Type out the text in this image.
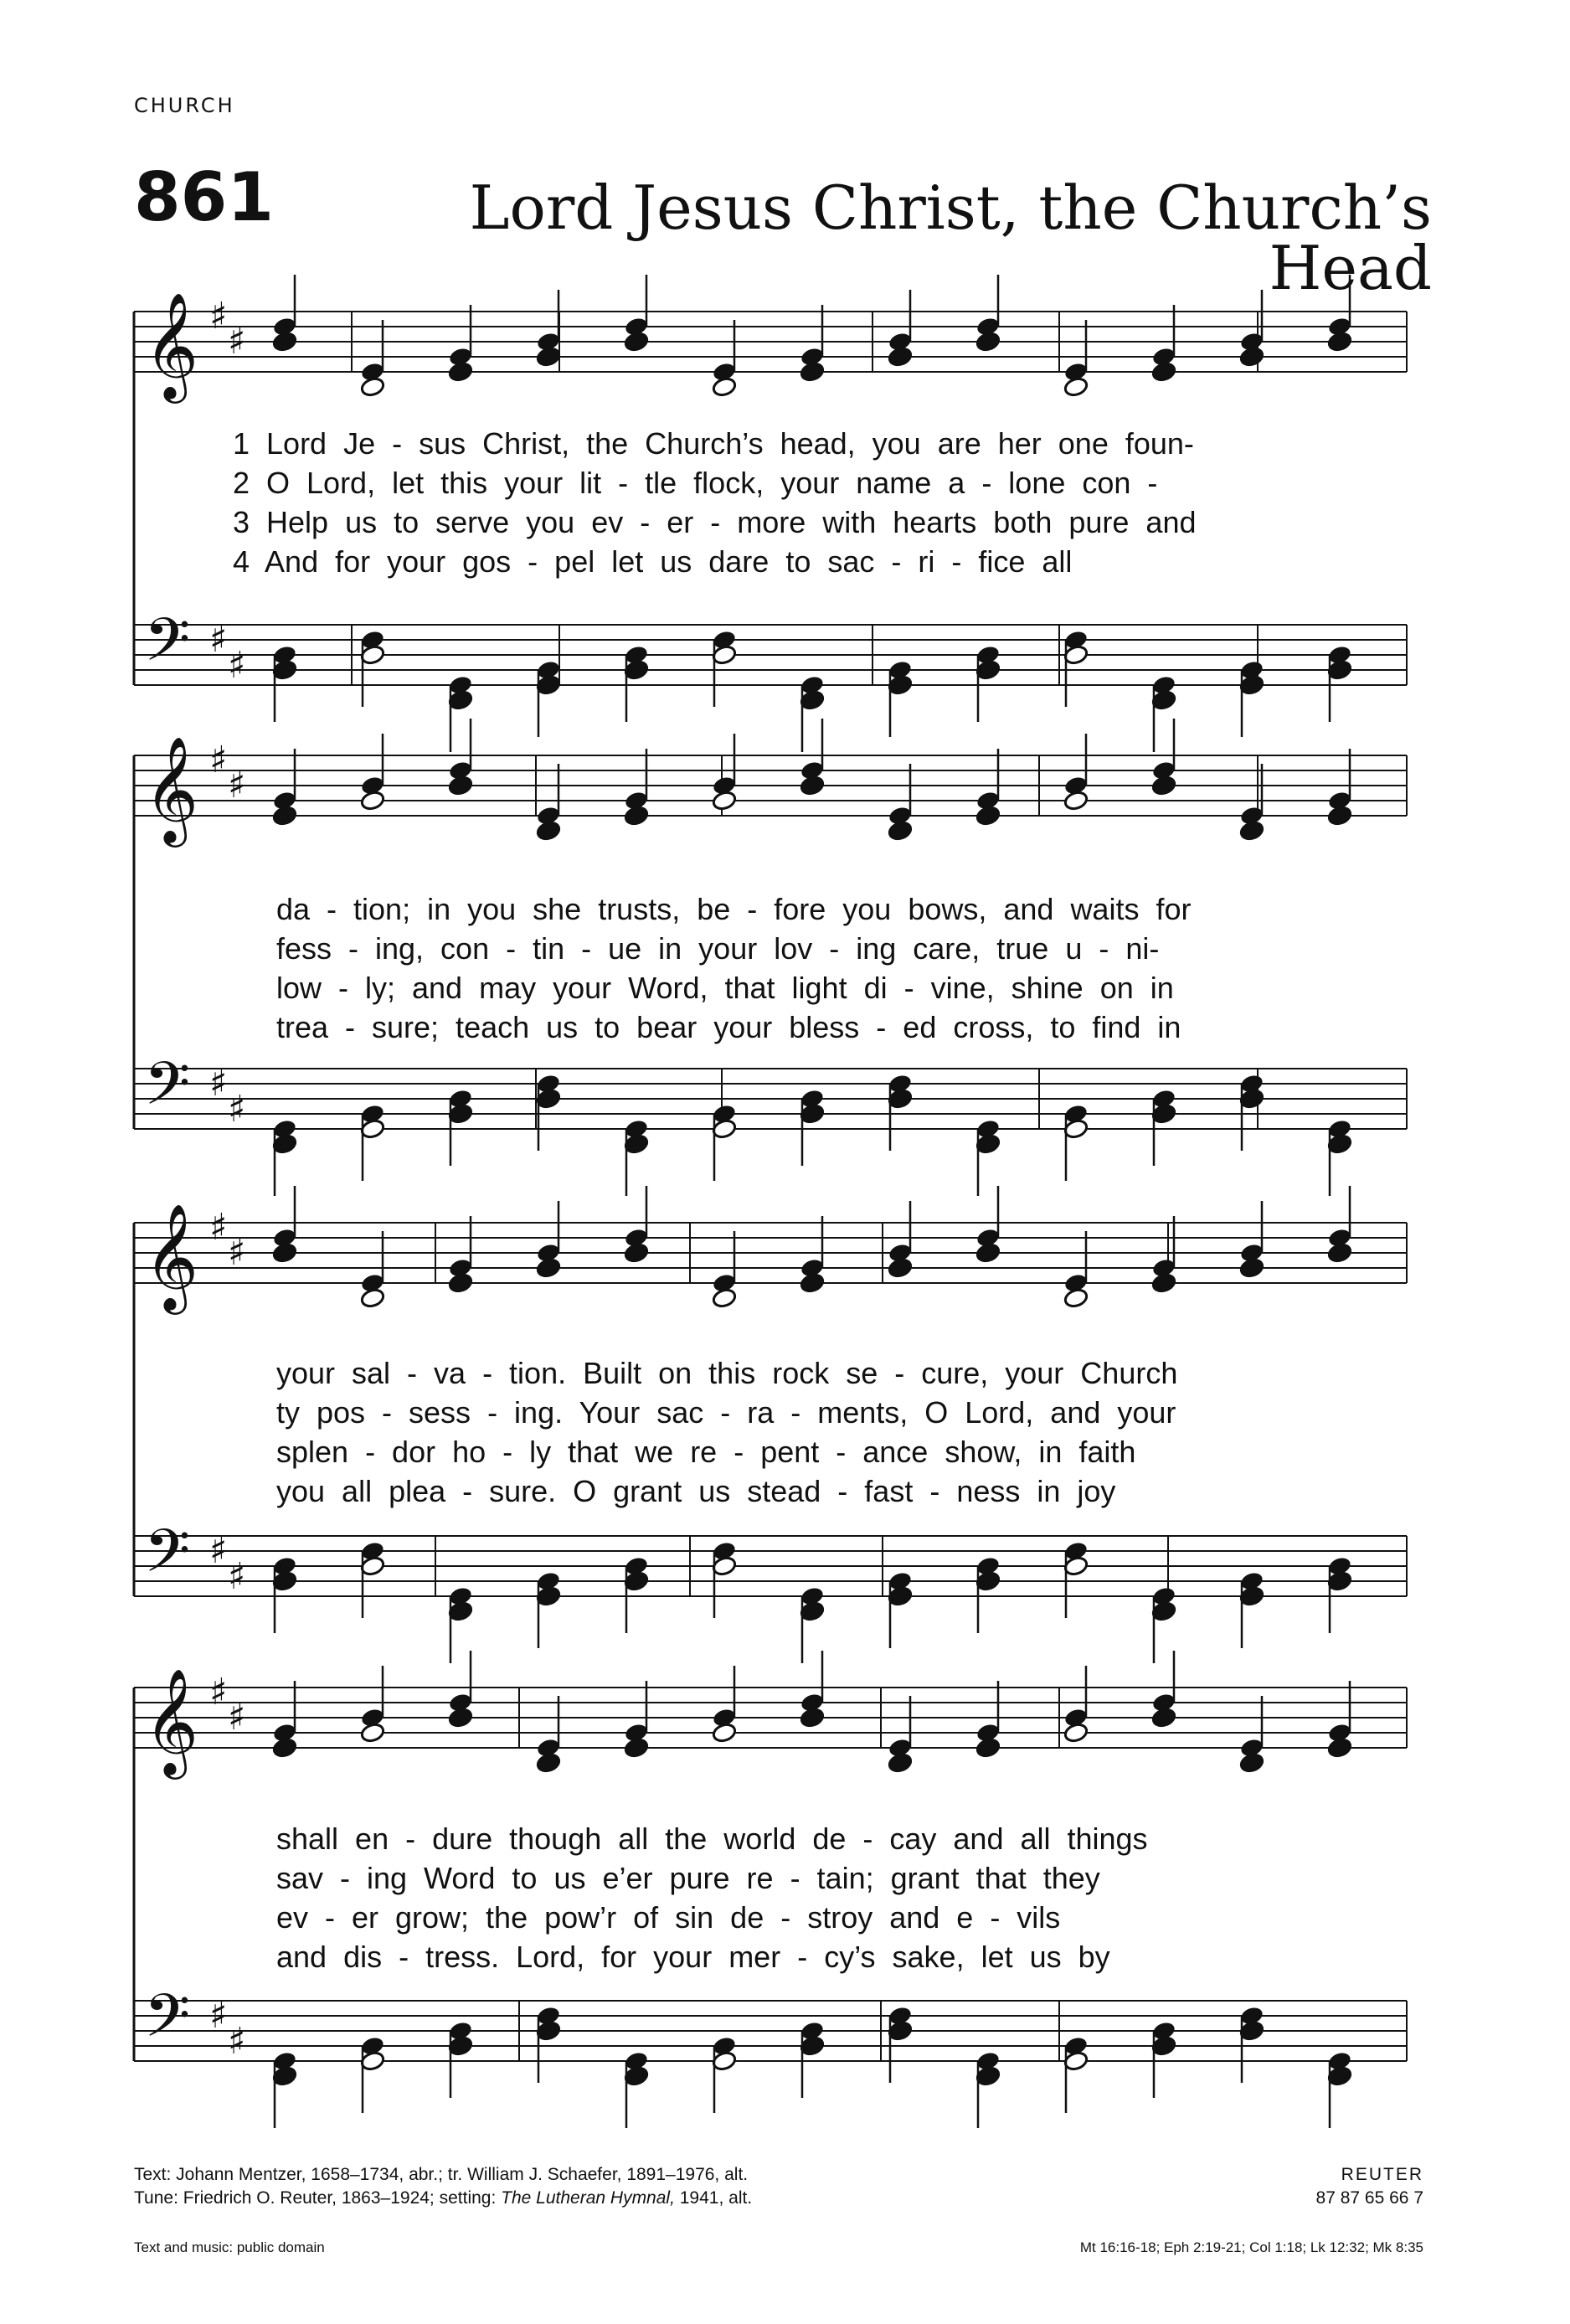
CHURCH
861	Lord Jesus Christ, the Church’s Head
𝄞
𝄢
♯
♯
♯
♯
𝄞
𝄢
♯
♯
♯
♯
𝄞
𝄢
♯
♯
♯
♯
𝄞
𝄢
♯
♯
♯
♯
1 Lord Je - sus Christ, the Church’s head, you are her one foun-
2 O Lord, let this your lit - tle flock, your name a - lone con -
3 Help us to serve you ev - er - more with hearts both pure and
4 And for your gos - pel let us dare to sac - ri - fice all
da - tion; in you she trusts, be - fore you bows, and waits for
fess - ing, con - tin - ue in your lov - ing care, true u - ni-
low - ly; and may your Word, that light di - vine, shine on in
trea - sure; teach us to bear your bless - ed cross, to find in
your sal - va - tion. Built on this rock se - cure, your Church
ty pos - sess - ing. Your sac - ra - ments, O Lord, and your
splen - dor ho - ly that we re - pent - ance show, in faith
you all plea - sure. O grant us stead - fast - ness in joy
shall en - dure though all the world de - cay and all things
sav - ing Word to us e’er pure re - tain; grant that they
ev - er grow; the pow’r of sin de - stroy and e - vils
and dis - tress. Lord, for your mer - cy’s sake, let us by
Text: Johann Mentzer, 1658–1734, abr.; tr. William J. Schaefer, 1891–1976, alt.
Tune: Friedrich O. Reuter, 1863–1924; setting: The Lutheran Hymnal, 1941, alt.
REUTER
87 87 65 66 7
Text and music: public domain	Mt 16:16-18; Eph 2:19-21; Col 1:18; Lk 12:32; Mk 8:35
